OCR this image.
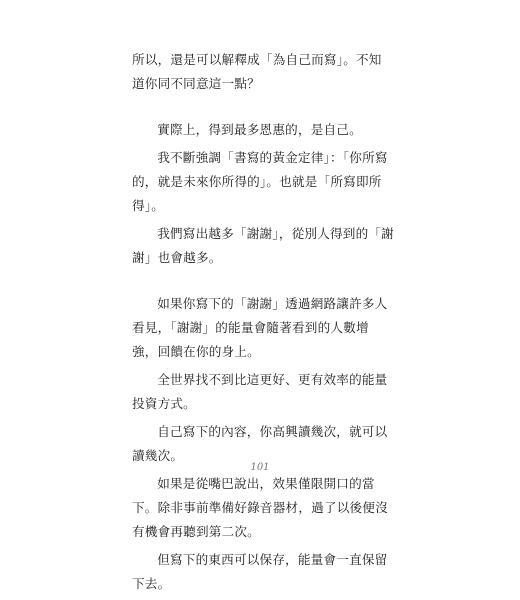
所以，還是可以解釋成「為自己而寫」。不知道你同不同意這一點？

實際上，得到最多恩惠的，是自己。

我不斷強調「書寫的黃金定律」：「你所寫的，就是未來你所得的」。也就是「所寫即所得」。

我們寫出越多「謝謝」，從別人得到的「謝謝」也會越多。

如果你寫下的「謝謝」透過網路讓許多人看見，「謝謝」的能量會隨著看到的人數增強，回饋在你的身上。

全世界找不到比這更好、更有效率的能量投資方式。

自己寫下的內容，你高興讀幾次，就可以讀幾次。

如果是從嘴巴說出，效果僅限開口的當下。除非事前準備好錄音器材，過了以後便沒有機會再聽到第二次。

但寫下的東西可以保存，能量會一直保留下去。

101
